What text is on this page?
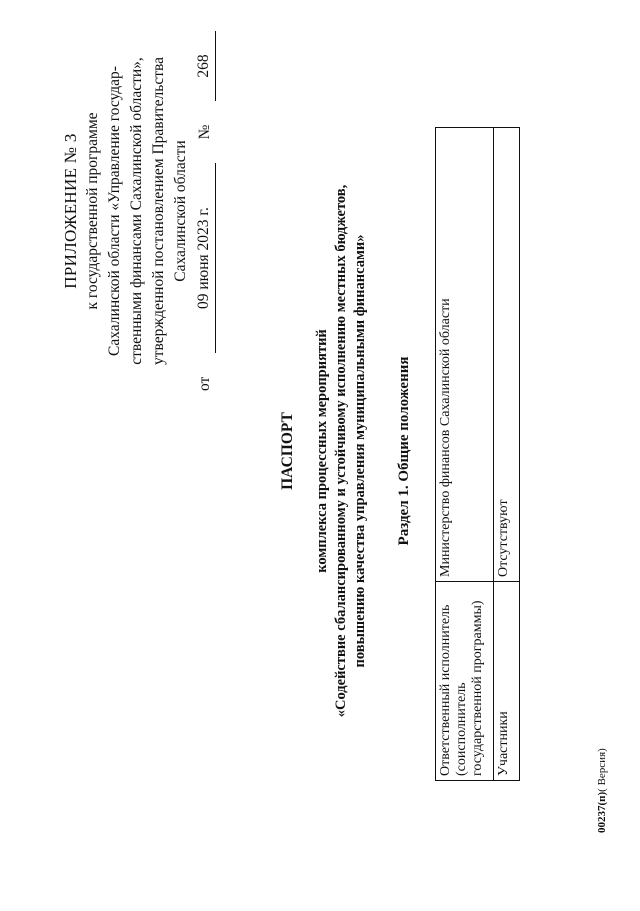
ПРИЛОЖЕНИЕ № 3 к государственной программе Сахалинской области «Управление государ- ственными финансами Сахалинской области», утвержденной постановлением Правительства Сахалинской области
от
09 июня 2023 г.
№
268
ПАСПОРТ комплекса процессных мероприятий «Содействие сбалансированному и устойчивому исполнению местных бюджетов, повышению качества управления муниципальными финансами» Раздел 1. Общие положения
Ответственный исполнитель (соисполнитель государственной программы)	Министерство финансов Сахалинской области
Участники	Отсутствуют
00237(п)( Версия)
